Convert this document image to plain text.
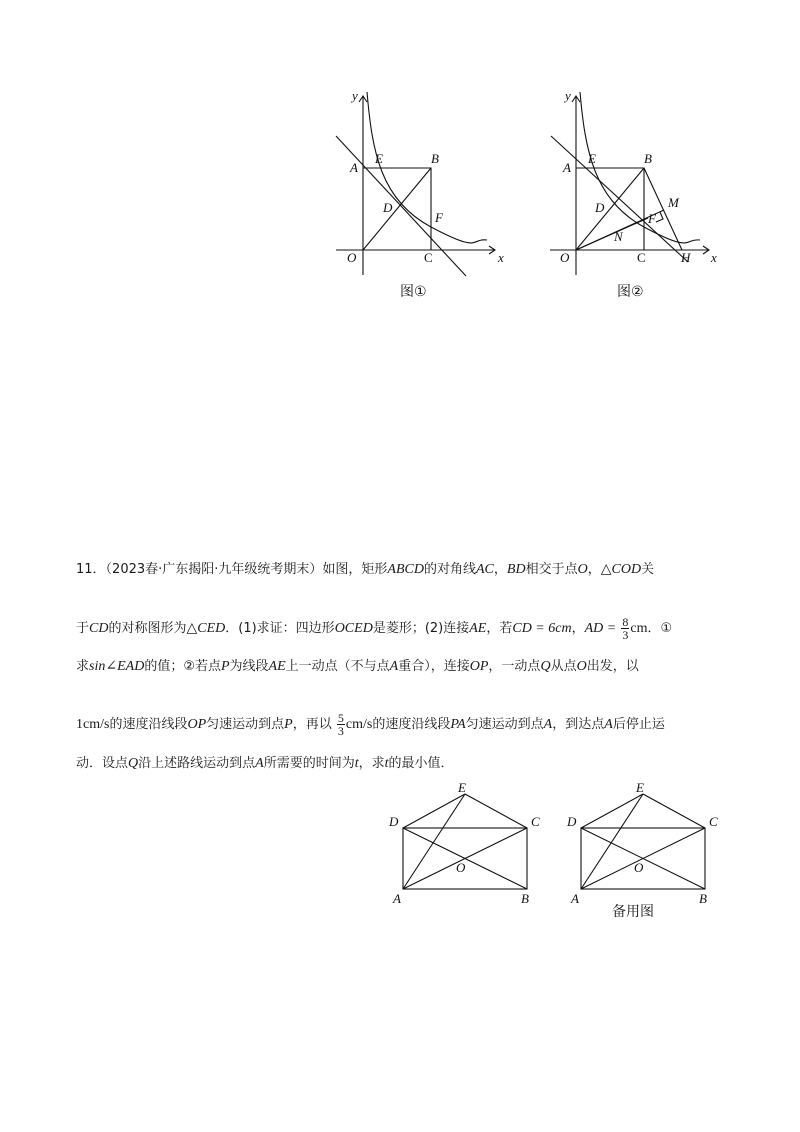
y
x
O
A
E	B
D
F
C
图①
y
x
O
A
E	B
D
F
M
N
C	H
图②
11．（2023春·广东揭阳·九年级统考期末）如图，矩形ABCD的对角线AC，BD相交于点O，△COD关
于CD的对称图形为△CED．(1)求证：四边形OCED是菱形；(2)连接AE，若CD = 6cm，AD = $\frac{8}{3}$ cm．①
求sin∠EAD的值；②若点P为线段AE上一动点（不与点A重合），连接OP，一动点Q从点O出发，以
1cm/s的速度沿线段OP匀速运动到点P，再以 $\frac{5}{3} cm/s$的速度沿线段PA匀速运动到点A，到达点A后停止运
动．设点Q沿上述路线运动到点A所需要的时间为t，求t的最小值．
D
E
C
O
A	B
D
E
C
O
A	B
备用图
